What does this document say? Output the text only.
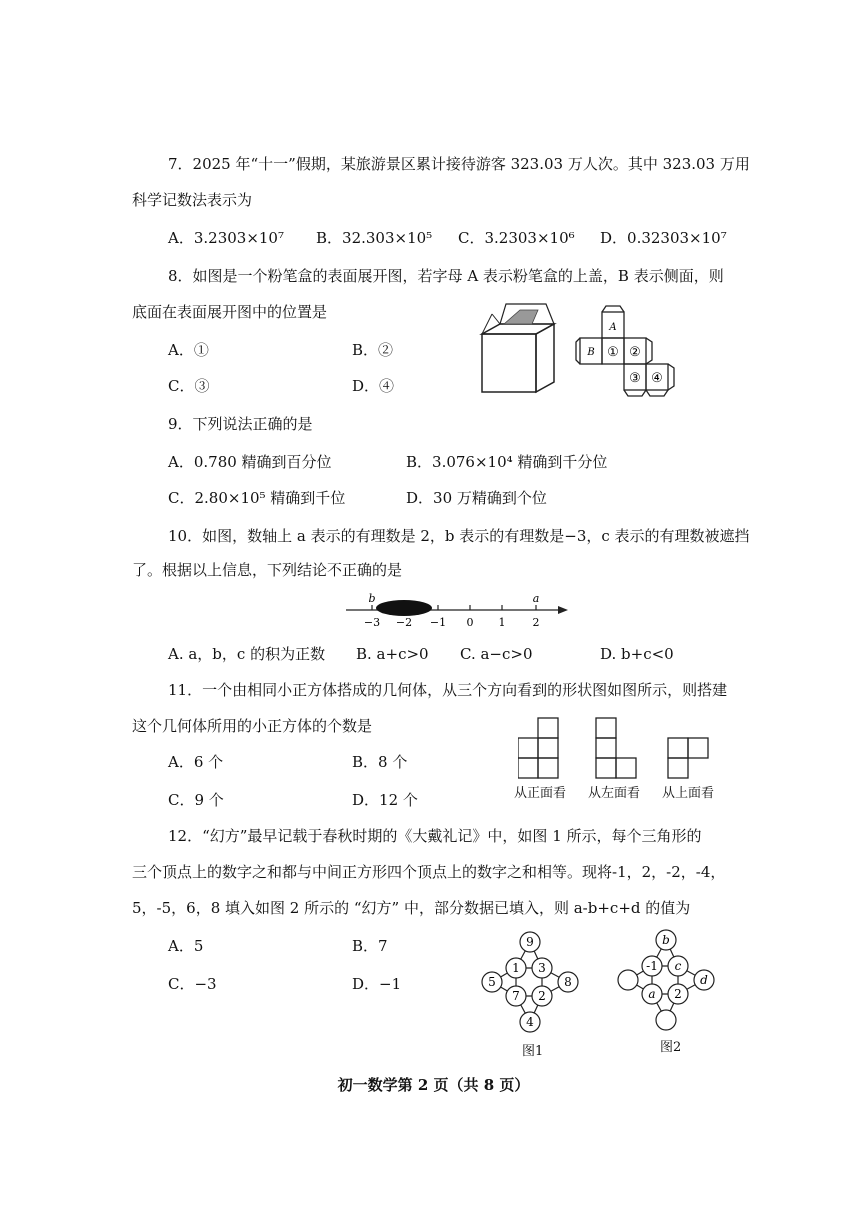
7．2025 年“十一”假期，某旅游景区累计接待游客 323.03 万人次。其中 323.03 万用
科学记数法表示为
A．3.2303×10⁷ B．32.303×10⁵ C．3.2303×10⁶ D．0.32303×10⁷
8．如图是一个粉笔盒的表面展开图，若字母 A 表示粉笔盒的上盖，B 表示侧面，则
底面在表面展开图中的位置是
A．①	B．②
C．③	D．④
A
B ① ②
③ ④
9．下列说法正确的是
A．0.780 精确到百分位	B．3.076×10⁴ 精确到千分位
C．2.80×10⁵ 精确到千位	D．30 万精确到个位
10．如图，数轴上 a 表示的有理数是 2，b 表示的有理数是−3，c 表示的有理数被遮挡
了。根据以上信息，下列结论不正确的是
b	a
−3 −2 −1 0 1 2
A. a，b，c 的积为正数 B. a+c>0 C. a−c>0	D. b+c<0
11．一个由相同小正方体搭成的几何体，从三个方向看到的形状图如图所示，则搭建
这个几何体所用的小正方体的个数是
A．6 个	B．8 个
C．9 个	D．12 个	从正面看 从左面看 从上面看
12．“幻方”最早记载于春秋时期的《大戴礼记》中，如图 1 所示，每个三角形的
三个顶点上的数字之和都与中间正方形四个顶点上的数字之和相等。现将-1，2，-2，-4，
5，-5，6，8 填入如图 2 所示的 “幻方” 中，部分数据已填入，则 a-b+c+d 的值为
A．5	B．7
C．−3	D．−1
9
1 3
5
7 2
8
4
图1
b
-1 c
a 2
d
图2
初一数学第 2 页（共 8 页）
